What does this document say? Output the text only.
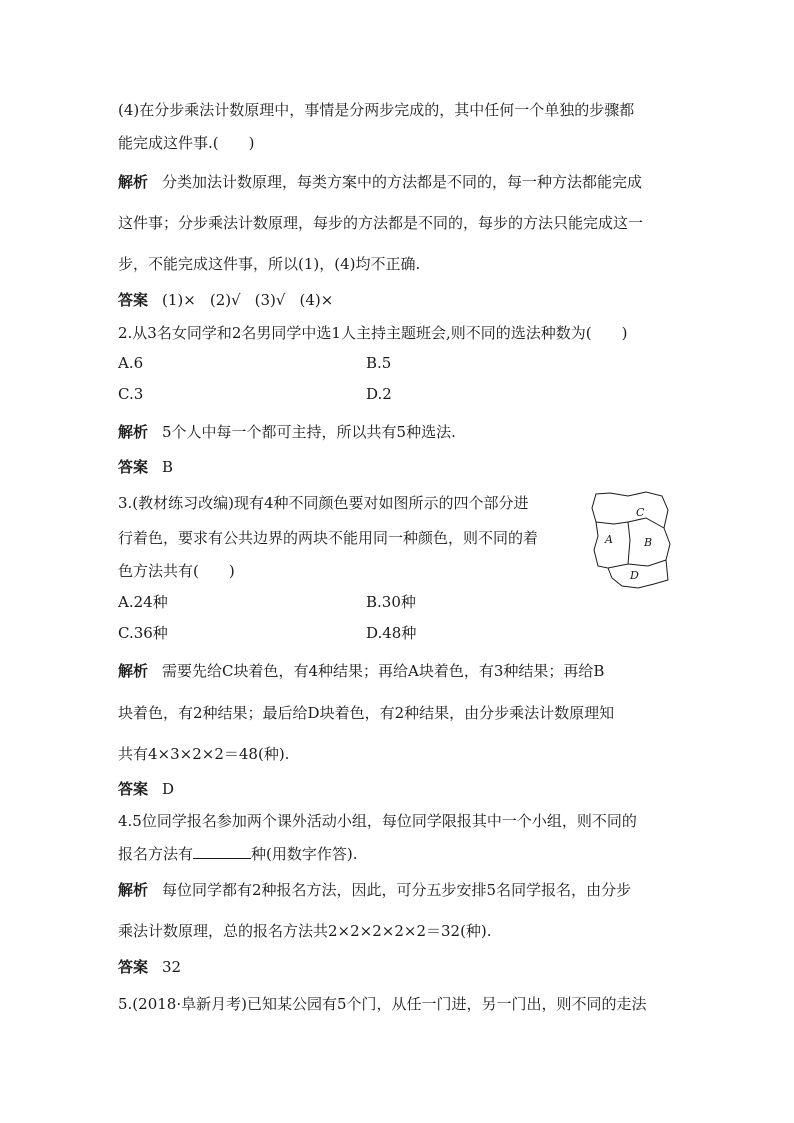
(4)在分步乘法计数原理中，事情是分两步完成的，其中任何一个单独的步骤都
能完成这件事.(　　)
解析 分类加法计数原理，每类方案中的方法都是不同的，每一种方法都能完成
这件事；分步乘法计数原理，每步的方法都是不同的，每步的方法只能完成这一
步，不能完成这件事，所以(1)，(4)均不正确.
答案 (1)× (2)√ (3)√ (4)×
2.从3名女同学和2名男同学中选1人主持主题班会,则不同的选法种数为(　　)
A.6	B.5
C.3	D.2
解析 5个人中每一个都可主持，所以共有5种选法.
答案 B
3.(教材练习改编)现有4种不同颜色要对如图所示的四个部分进
行着色，要求有公共边界的两块不能用同一种颜色，则不同的着
色方法共有(　　)
C
A	B
D
A.24种	B.30种
C.36种	D.48种
解析 需要先给C块着色，有4种结果；再给A块着色，有3种结果；再给B
块着色，有2种结果；最后给D块着色，有2种结果，由分步乘法计数原理知
共有4×3×2×2＝48(种).
答案 D
4.5位同学报名参加两个课外活动小组，每位同学限报其中一个小组，则不同的
报名方法有	种(用数字作答).
解析 每位同学都有2种报名方法，因此，可分五步安排5名同学报名，由分步
乘法计数原理，总的报名方法共2×2×2×2×2＝32(种).
答案 32
5.(2018·阜新月考)已知某公园有5个门，从任一门进，另一门出，则不同的走法
